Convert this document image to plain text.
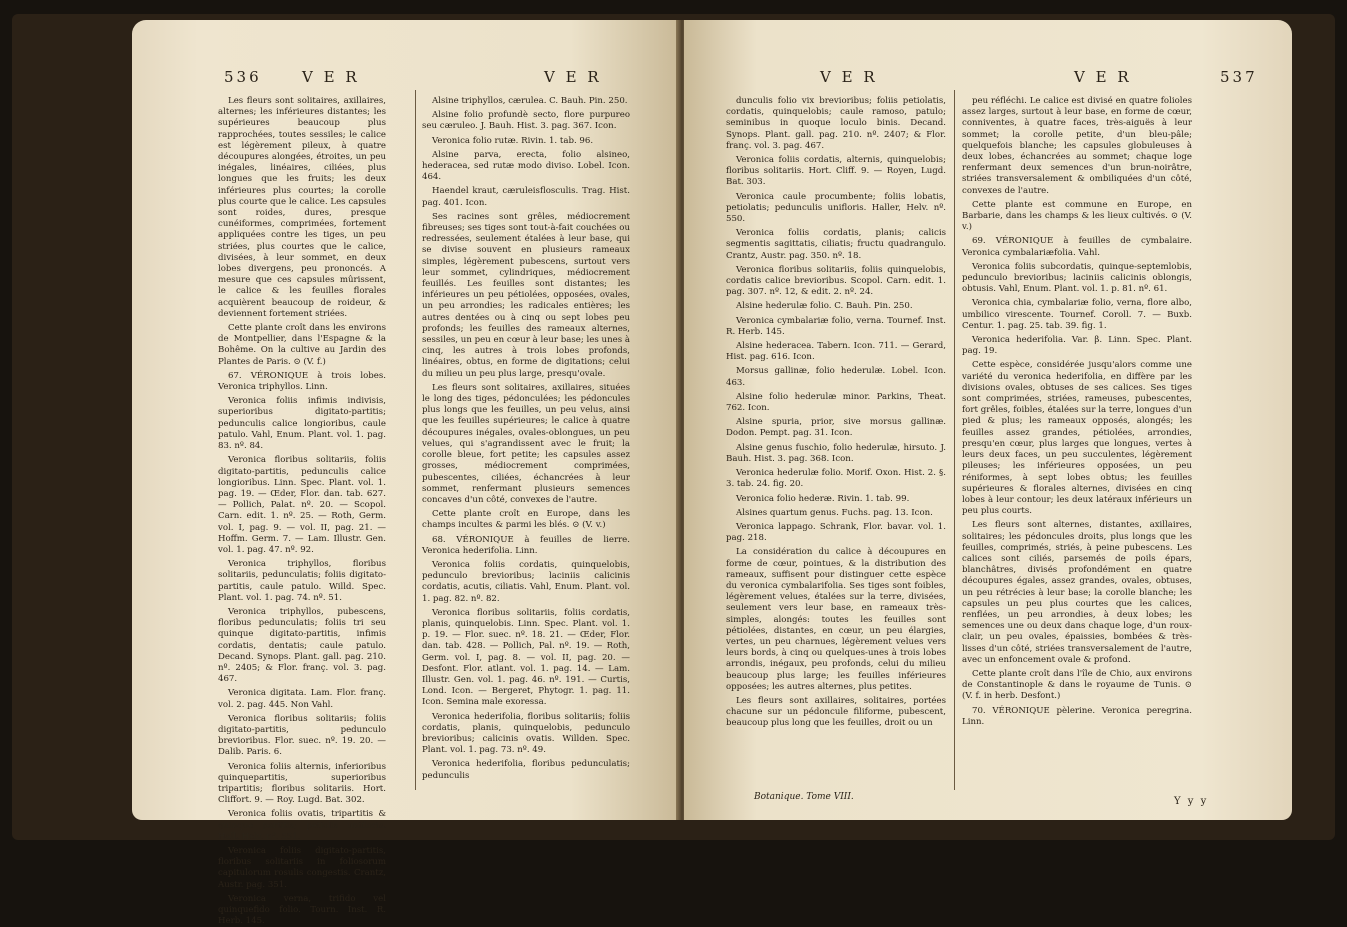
536	V E R	V E R

Les fleurs sont solitaires, axillaires, alternes; les inférieures distantes; les supérieures beaucoup plus rapprochées, toutes sessiles; le calice est légèrement pileux, à quatre découpures alongées, étroites, un peu inégales, linéaires, ciliées, plus longues que les fruits; les deux inférieures plus courtes; la corolle plus courte que le calice. Les capsules sont roides, dures, presque cunéiformes, comprimées, fortement appliquées contre les tiges, un peu striées, plus courtes que le calice, divisées, à leur sommet, en deux lobes divergens, peu prononcés. A mesure que ces capsules mûrissent, le calice & les feuilles florales acquièrent beaucoup de roideur, & deviennent fortement striées.

Cette plante croît dans les environs de Montpellier, dans l'Espagne & la Bohême. On la cultive au Jardin des Plantes de Paris. ⊙ (V. f.)

67. VÉRONIQUE à trois lobes. Veronica triphyllos. Linn.

Veronica foliis infimis indivisis, superioribus digitato-partitis; pedunculis calice longioribus, caule patulo. Vahl, Enum. Plant. vol. 1. pag. 83. nº. 84.

Veronica floribus solitariis, foliis digitato-partitis, pedunculis calice longioribus. Linn. Spec. Plant. vol. 1. pag. 19. — Œder, Flor. dan. tab. 627. — Pollich, Palat. nº. 20. — Scopol. Carn. edit. 1. nº. 25. — Roth, Germ. vol. I, pag. 9. — vol. II, pag. 21. — Hoffm. Germ. 7. — Lam. Illustr. Gen. vol. 1. pag. 47. nº. 92.

Veronica triphyllos, floribus solitariis, pedunculatis; foliis digitato-partitis, caule patulo. Willd. Spec. Plant. vol. 1. pag. 74. nº. 51.

Veronica triphyllos, pubescens, floribus pedunculatis; foliis tri seu quinque digitato-partitis, infimis cordatis, dentatis; caule patulo. Decand. Synops. Plant. gall. pag. 210. nº. 2405; & Flor. franç. vol. 3. pag. 467.

Veronica digitata. Lam. Flor. franç. vol. 2. pag. 445. Non Vahl.

Veronica floribus solitariis; foliis digitato-partitis, pedunculo brevioribus. Flor. suec. nº. 19. 20. — Dalib. Paris. 6.

Veronica foliis alternis, inferioribus quinquepartitis, superioribus tripartitis; floribus solitariis. Hort. Cliffort. 9. — Roy. Lugd. Bat. 302.

Veronica foliis ovatis, tripartitis & quinque partitis; petiolis unifloris. Hall. Helv. nº. 551.

Veronica foliis digitato-partitis, floribus solitariis in foliosorum capitulorum rosulis congestis. Crantz, Austr. pag. 351.

Veronica verna, trifido vel quinquefido folio. Tourn. Inst. R. Herb. 145.

Alsine triphyllos, cærulea. C. Bauh. Pin. 250.

Alsine folio profundè secto, flore purpureo seu cæruleo. J. Bauh. Hist. 3. pag. 367. Icon.

Veronica folio rutæ. Rivin. 1. tab. 96.

Alsine parva, erecta, folio alsineo, hederacea, sed rutæ modo diviso. Lobel. Icon. 464.

Haendel kraut, cæruleisflosculis. Trag. Hist. pag. 401. Icon.

Ses racines sont grêles, médiocrement fibreuses; ses tiges sont tout-à-fait couchées ou redressées, seulement étalées à leur base, qui se divise souvent en plusieurs rameaux simples, légèrement pubescens, surtout vers leur sommet, cylindriques, médiocrement feuillés. Les feuilles sont distantes; les inférieures un peu pétiolées, opposées, ovales, un peu arrondies; les radicales entières; les autres dentées ou à cinq ou sept lobes peu profonds; les feuilles des rameaux alternes, sessiles, un peu en cœur à leur base; les unes à cinq, les autres à trois lobes profonds, linéaires, obtus, en forme de digitations; celui du milieu un peu plus large, presqu'ovale.

Les fleurs sont solitaires, axillaires, situées le long des tiges, pédonculées; les pédoncules plus longs que les feuilles, un peu velus, ainsi que les feuilles supérieures; le calice à quatre découpures inégales, ovales-oblongues, un peu velues, qui s'agrandissent avec le fruit; la corolle bleue, fort petite; les capsules assez grosses, médiocrement comprimées, pubescentes, ciliées, échancrées à leur sommet, renfermant plusieurs semences concaves d'un côté, convexes de l'autre.

Cette plante croît en Europe, dans les champs incultes & parmi les blés. ⊙ (V. v.)

68. VÉRONIQUE à feuilles de lierre. Veronica hederifolia. Linn.

Veronica foliis cordatis, quinquelobis, pedunculo brevioribus; laciniis calicinis cordatis, acutis, ciliatis. Vahl, Enum. Plant. vol. 1. pag. 82. nº. 82.

Veronica floribus solitariis, foliis cordatis, planis, quinquelobis. Linn. Spec. Plant. vol. 1. p. 19. — Flor. suec. nº. 18. 21. — Œder, Flor. dan. tab. 428. — Pollich, Pal. nº. 19. — Roth, Germ. vol. I, pag. 8. — vol. II, pag. 20. — Desfont. Flor. atlant. vol. 1. pag. 14. — Lam. Illustr. Gen. vol. 1. pag. 46. nº. 191. — Curtis, Lond. Icon. — Bergeret, Phytogr. 1. pag. 11. Icon. Semina male exoressa.

Veronica hederifolia, floribus solitariis; foliis cordatis, planis, quinquelobis, pedunculo brevioribus; calicinis ovatis. Willden. Spec. Plant. vol. 1. pag. 73. nº. 49.

Veronica hederifolia, floribus pedunculatis; pedunculis

V E R	V E R	537

dunculis folio vix brevioribus; foliis petiolatis, cordatis, quinquelobis; caule ramoso, patulo; seminibus in quoque loculo binis. Decand. Synops. Plant. gall. pag. 210. nº. 2407; & Flor. franç. vol. 3. pag. 467.

Veronica foliis cordatis, alternis, quinquelobis; floribus solitariis. Hort. Cliff. 9. — Royen, Lugd. Bat. 303.

Veronica caule procumbente; foliis lobatis, petiolatis; pedunculis unifloris. Haller, Helv. nº. 550.

Veronica foliis cordatis, planis; calicis segmentis sagittatis, ciliatis; fructu quadrangulo. Crantz, Austr. pag. 350. nº. 18.

Veronica floribus solitariis, foliis quinquelobis, cordatis calice brevioribus. Scopol. Carn. edit. 1. pag. 307. nº. 12, & edit. 2. nº. 24.

Alsine hederulæ folio. C. Bauh. Pin. 250.

Veronica cymbalariæ folio, verna. Tournef. Inst. R. Herb. 145.

Alsine hederacea. Tabern. Icon. 711. — Gerard, Hist. pag. 616. Icon.

Morsus gallinæ, folio hederulæ. Lobel. Icon. 463.

Alsine folio hederulæ minor. Parkins, Theat. 762. Icon.

Alsine spuria, prior, sive morsus gallinæ. Dodon. Pempt. pag. 31. Icon.

Alsine genus fuschio, folio hederulæ, hirsuto. J. Bauh. Hist. 3. pag. 368. Icon.

Veronica hederulæ folio. Morif. Oxon. Hist. 2. §. 3. tab. 24. fig. 20.

Veronica folio hederæ. Rivin. 1. tab. 99.

Alsines quartum genus. Fuchs. pag. 13. Icon.

Veronica lappago. Schrank, Flor. bavar. vol. 1. pag. 218.

La considération du calice à découpures en forme de cœur, pointues, & la distribution des rameaux, suffisent pour distinguer cette espèce du veronica cymbalarifolia. Ses tiges sont foibles, légèrement velues, étalées sur la terre, divisées, seulement vers leur base, en rameaux très-simples, alongés: toutes les feuilles sont pétiolées, distantes, en cœur, un peu élargies, vertes, un peu charnues, légèrement velues vers leurs bords, à cinq ou quelques-unes à trois lobes arrondis, inégaux, peu profonds, celui du milieu beaucoup plus large; les feuilles inférieures opposées; les autres alternes, plus petites.

Les fleurs sont axillaires, solitaires, portées chacune sur un pédoncule filiforme, pubescent, beaucoup plus long que les feuilles, droit ou un

Botanique. Tome VIII.

peu réfléchi. Le calice est divisé en quatre folioles assez larges, surtout à leur base, en forme de cœur, conniventes, à quatre faces, très-aiguës à leur sommet; la corolle petite, d'un bleu-pâle; quelquefois blanche; les capsules globuleuses à deux lobes, échancrées au sommet; chaque loge renfermant deux semences d'un brun-noirâtre, striées transversalement & ombiliquées d'un côté, convexes de l'autre.

Cette plante est commune en Europe, en Barbarie, dans les champs & les lieux cultivés. ⊙ (V. v.)

69. VÉRONIQUE à feuilles de cymbalaire. Veronica cymbalariæfolia. Vahl.

Veronica foliis subcordatis, quinque-septemlobis, pedunculo brevioribus; laciniis calicinis oblongis, obtusis. Vahl, Enum. Plant. vol. 1. p. 81. nº. 61.

Veronica chia, cymbalariæ folio, verna, flore albo, umbilico virescente. Tournef. Coroll. 7. — Buxb. Centur. 1. pag. 25. tab. 39. fig. 1.

Veronica hederifolia. Var. β. Linn. Spec. Plant. pag. 19.

Cette espèce, considérée jusqu'alors comme une variété du veronica hederifolia, en diffère par les divisions ovales, obtuses de ses calices. Ses tiges sont comprimées, striées, rameuses, pubescentes, fort grêles, foibles, étalées sur la terre, longues d'un pied & plus; les rameaux opposés, alongés; les feuilles assez grandes, pétiolées, arrondies, presqu'en cœur, plus larges que longues, vertes à leurs deux faces, un peu succulentes, légèrement pileuses; les inférieures opposées, un peu réniformes, à sept lobes obtus; les feuilles supérieures & florales alternes, divisées en cinq lobes à leur contour; les deux latéraux inférieurs un peu plus courts.

Les fleurs sont alternes, distantes, axillaires, solitaires; les pédoncules droits, plus longs que les feuilles, comprimés, striés, à peine pubescens. Les calices sont ciliés, parsemés de poils épars, blanchâtres, divisés profondément en quatre découpures égales, assez grandes, ovales, obtuses, un peu rétrécies à leur base; la corolle blanche; les capsules un peu plus courtes que les calices, renflées, un peu arrondies, à deux lobes; les semences une ou deux dans chaque loge, d'un roux-clair, un peu ovales, épaissies, bombées & très-lisses d'un côté, striées transversalement de l'autre, avec un enfoncement ovale & profond.

Cette plante croît dans l'île de Chio, aux environs de Constantinople & dans le royaume de Tunis. ⊙ (V. f. in herb. Desfont.)

70. VÉRONIQUE pèlerine. Veronica peregrina. Linn.

Y y y
